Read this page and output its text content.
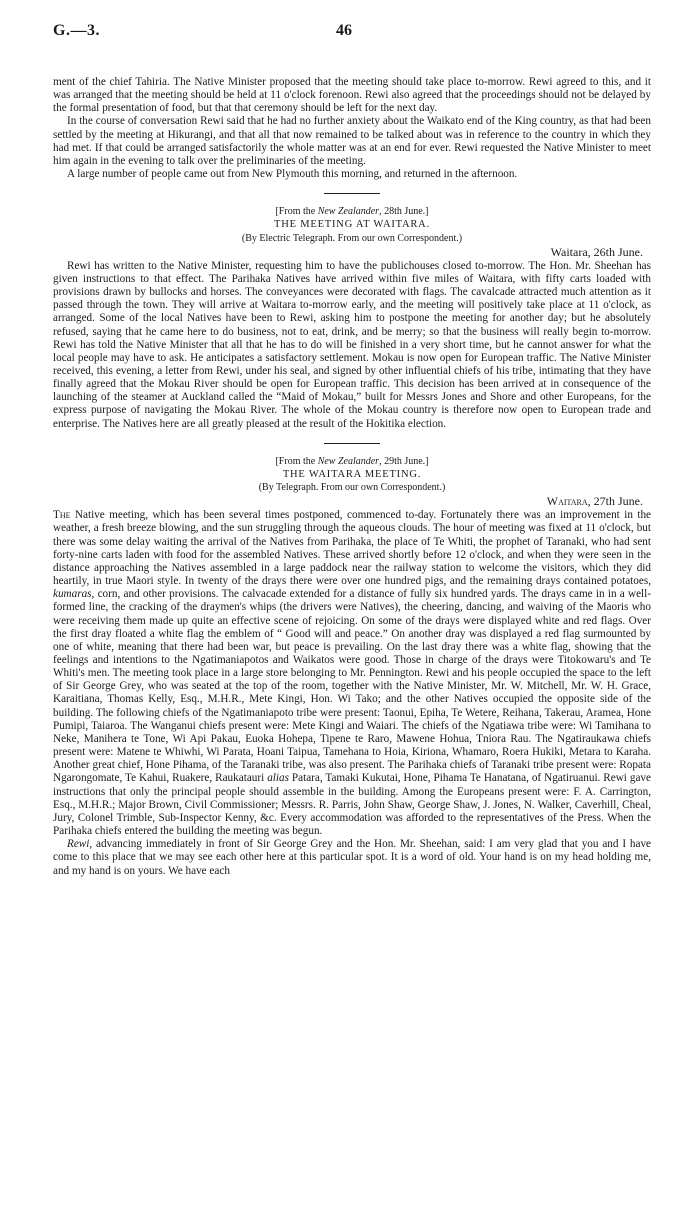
G.—3.	46

ment of the chief Tahiria. The Native Minister proposed that the meeting should take place to-morrow. Rewi agreed to this, and it was arranged that the meeting should be held at 11 o'clock forenoon. Rewi also agreed that the proceedings should not be delayed by the formal presentation of food, but that that ceremony should be left for the next day.

In the course of conversation Rewi said that he had no further anxiety about the Waikato end of the King country, as that had been settled by the meeting at Hikurangi, and that all that now remained to be talked about was in reference to the country in which they had met. If that could be arranged satisfactorily the whole matter was at an end for ever. Rewi requested the Native Minister to meet him again in the evening to talk over the preliminaries of the meeting.

A large number of people came out from New Plymouth this morning, and returned in the afternoon.

[From the New Zealander, 28th June.]

THE MEETING AT WAITARA.

(By Electric Telegraph. From our own Correspondent.)

Waitara, 26th June.

Rewi has written to the Native Minister, requesting him to have the publichouses closed to-morrow. The Hon. Mr. Sheehan has given instructions to that effect. The Parihaka Natives have arrived within five miles of Waitara, with fifty carts loaded with provisions drawn by bullocks and horses. The conveyances were decorated with flags. The cavalcade attracted much attention as it passed through the town. They will arrive at Waitara to-morrow early, and the meeting will positively take place at 11 o'clock, as arranged. Some of the local Natives have been to Rewi, asking him to postpone the meeting for another day; but he absolutely refused, saying that he came here to do business, not to eat, drink, and be merry; so that the business will really begin to-morrow. Rewi has told the Native Minister that all that he has to do will be finished in a very short time, but he cannot answer for what the local people may have to ask. He anticipates a satisfactory settlement. Mokau is now open for European traffic. The Native Minister received, this evening, a letter from Rewi, under his seal, and signed by other influential chiefs of his tribe, intimating that they have finally agreed that the Mokau River should be open for European traffic. This decision has been arrived at in consequence of the launching of the steamer at Auckland called the “Maid of Mokau,” built for Messrs Jones and Shore and other Europeans, for the express purpose of navigating the Mokau River. The whole of the Mokau country is therefore now open to European trade and enterprise. The Natives here are all greatly pleased at the result of the Hokitika election.

[From the New Zealander, 29th June.]

THE WAITARA MEETING.

(By Telegraph. From our own Correspondent.)

Waitara, 27th June.

The Native meeting, which has been several times postponed, commenced to-day. Fortunately there was an improvement in the weather, a fresh breeze blowing, and the sun struggling through the aqueous clouds. The hour of meeting was fixed at 11 o'clock, but there was some delay waiting the arrival of the Natives from Parihaka, the place of Te Whiti, the prophet of Taranaki, who had sent forty-nine carts laden with food for the assembled Natives. These arrived shortly before 12 o'clock, and when they were seen in the distance approaching the Natives assembled in a large paddock near the railway station to welcome the visitors, which they did heartily, in true Maori style. In twenty of the drays there were over one hundred pigs, and the remaining drays contained potatoes, kumaras, corn, and other provisions. The calvacade extended for a distance of fully six hundred yards. The drays came in in a well-formed line, the cracking of the draymen's whips (the drivers were Natives), the cheering, dancing, and waiving of the Maoris who were receiving them made up quite an effective scene of rejoicing. On some of the drays were displayed white and red flags. Over the first dray floated a white flag the emblem of “ Good will and peace.” On another dray was displayed a red flag surmounted by one of white, meaning that there had been war, but peace is prevailing. On the last dray there was a white flag, showing that the feelings and intentions to the Ngatimaniapotos and Waikatos were good. Those in charge of the drays were Titokowaru's and Te Whiti's men. The meeting took place in a large store belonging to Mr. Pennington. Rewi and his people occupied the space to the left of Sir George Grey, who was seated at the top of the room, together with the Native Minister, Mr. W. Mitchell, Mr. W. H. Grace, Karaitiana, Thomas Kelly, Esq., M.H.R., Mete Kingi, Hon. Wi Tako; and the other Natives occupied the opposite side of the building. The following chiefs of the Ngatimaniapoto tribe were present: Taonui, Epiha, Te Wetere, Reihana, Takerau, Aramea, Hone Pumipi, Taiaroa. The Wanganui chiefs present were: Mete Kingi and Waiari. The chiefs of the Ngatiawa tribe were: Wi Tamihana to Neke, Manihera te Tone, Wi Api Pakau, Euoka Hohepa, Tipene te Raro, Mawene Hohua, Tniora Rau. The Ngatiraukawa chiefs present were: Matene te Whiwhi, Wi Parata, Hoani Taipua, Tamehana to Hoia, Kiriona, Whamaro, Roera Hukiki, Metara to Karaha. Another great chief, Hone Pihama, of the Taranaki tribe, was also present. The Parihaka chiefs of Taranaki tribe present were: Ropata Ngarongomate, Te Kahui, Ruakere, Raukatauri alias Patara, Tamaki Kukutai, Hone, Pihama Te Hanatana, of Ngatiruanui. Rewi gave instructions that only the principal people should assemble in the building. Among the Europeans present were: F. A. Carrington, Esq., M.H.R.; Major Brown, Civil Commissioner; Messrs. R. Parris, John Shaw, George Shaw, J. Jones, N. Walker, Caverhill, Cheal, Jury, Colonel Trimble, Sub-Inspector Kenny, &c. Every accommodation was afforded to the representatives of the Press. When the Parihaka chiefs entered the building the meeting was begun.

Rewi, advancing immediately in front of Sir George Grey and the Hon. Mr. Sheehan, said: I am very glad that you and I have come to this place that we may see each other here at this particular spot. It is a word of old. Your hand is on my head holding me, and my hand is on yours. We have each
